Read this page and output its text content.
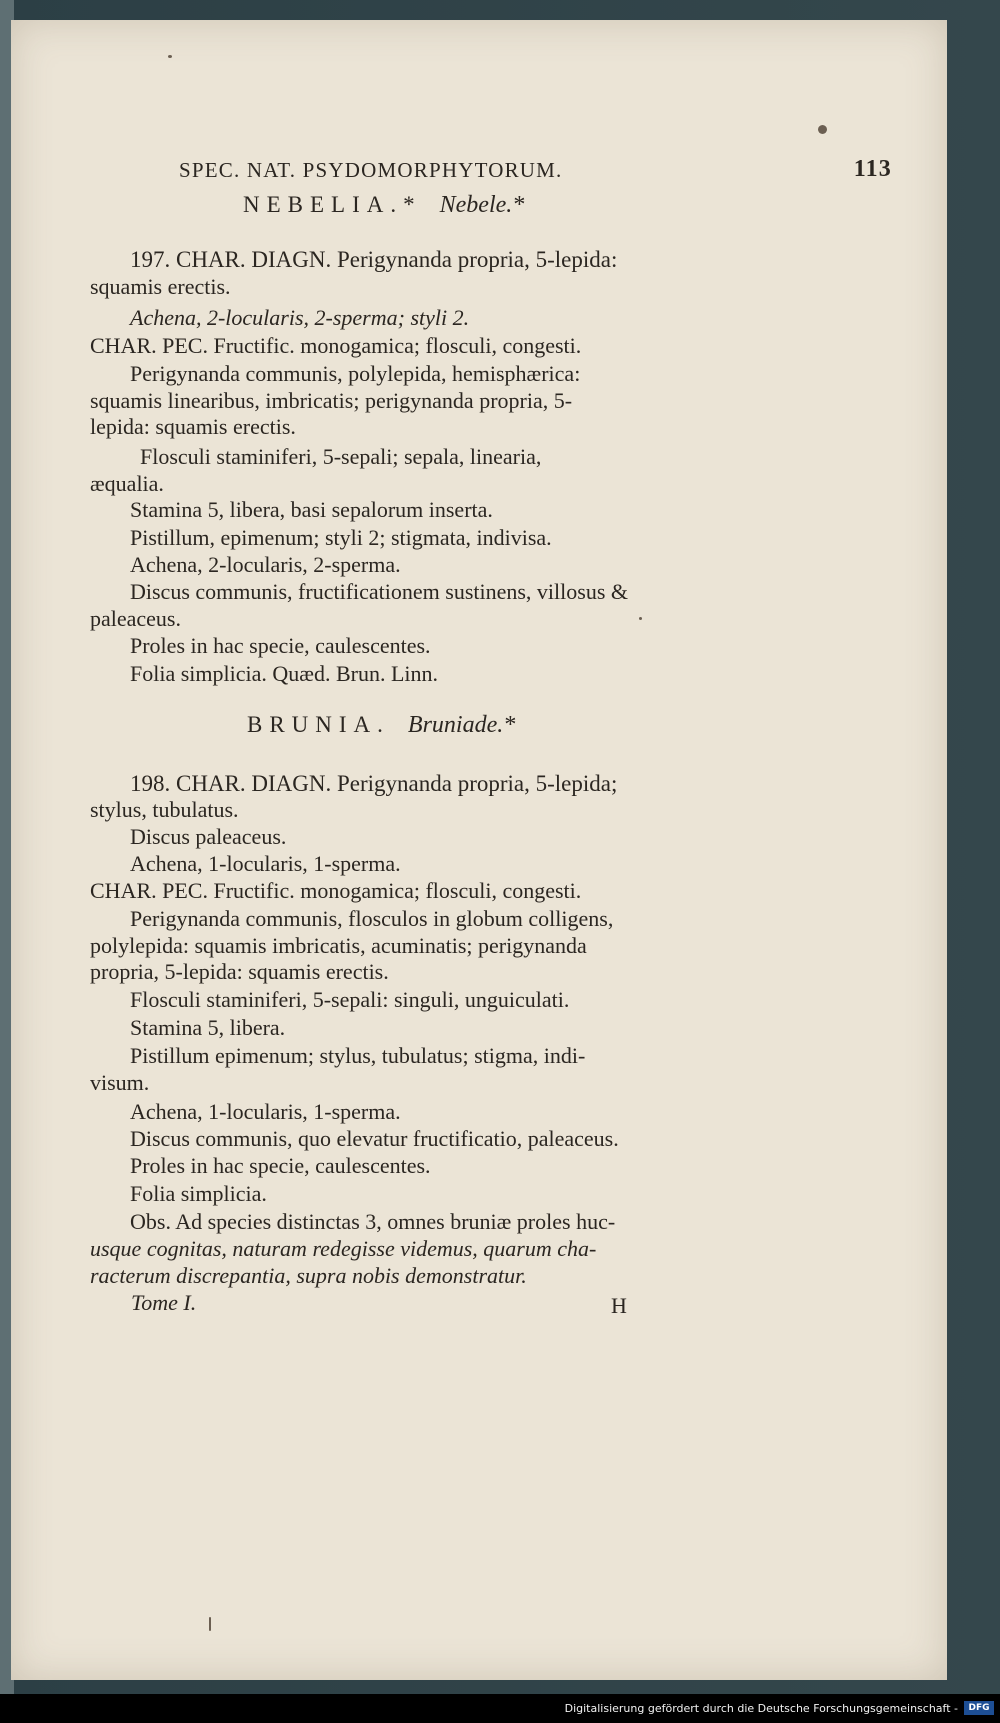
SPEC. NAT. PSYDOMORPHYTORUM.	113
NEBELIA.* Nebele.*
197. CHAR. DIAGN. Perigynanda propria, 5-lepida:
squamis erectis.
Achena, 2-locularis, 2-sperma; styli 2.
CHAR. PEC. Fructific. monogamica; flosculi, congesti.
Perigynanda communis, polylepida, hemisphærica:
squamis linearibus, imbricatis; perigynanda propria, 5-
lepida: squamis erectis.
Flosculi staminiferi, 5-sepali; sepala, linearia,
æqualia.
Stamina 5, libera, basi sepalorum inserta.
Pistillum, epimenum; styli 2; stigmata, indivisa.
Achena, 2-locularis, 2-sperma.
Discus communis, fructificationem sustinens, villosus &
paleaceus.
Proles in hac specie, caulescentes.
Folia simplicia. Quæd. Brun. Linn.
BRUNIA. Bruniade.*
198. CHAR. DIAGN. Perigynanda propria, 5-lepida;
stylus, tubulatus.
Discus paleaceus.
Achena, 1-locularis, 1-sperma.
CHAR. PEC. Fructific. monogamica; flosculi, congesti.
Perigynanda communis, flosculos in globum colligens,
polylepida: squamis imbricatis, acuminatis; perigynanda
propria, 5-lepida: squamis erectis.
Flosculi staminiferi, 5-sepali: singuli, unguiculati.
Stamina 5, libera.
Pistillum epimenum; stylus, tubulatus; stigma, indi-
visum.
Achena, 1-locularis, 1-sperma.
Discus communis, quo elevatur fructificatio, paleaceus.
Proles in hac specie, caulescentes.
Folia simplicia.
Obs. Ad species distinctas 3, omnes bruniæ proles huc-
usque cognitas, naturam redegisse videmus, quarum cha-
racterum discrepantia, supra nobis demonstratur.
Tome I.	H
Digitalisierung gefördert durch die Deutsche Forschungsgemeinschaft -	DFG
